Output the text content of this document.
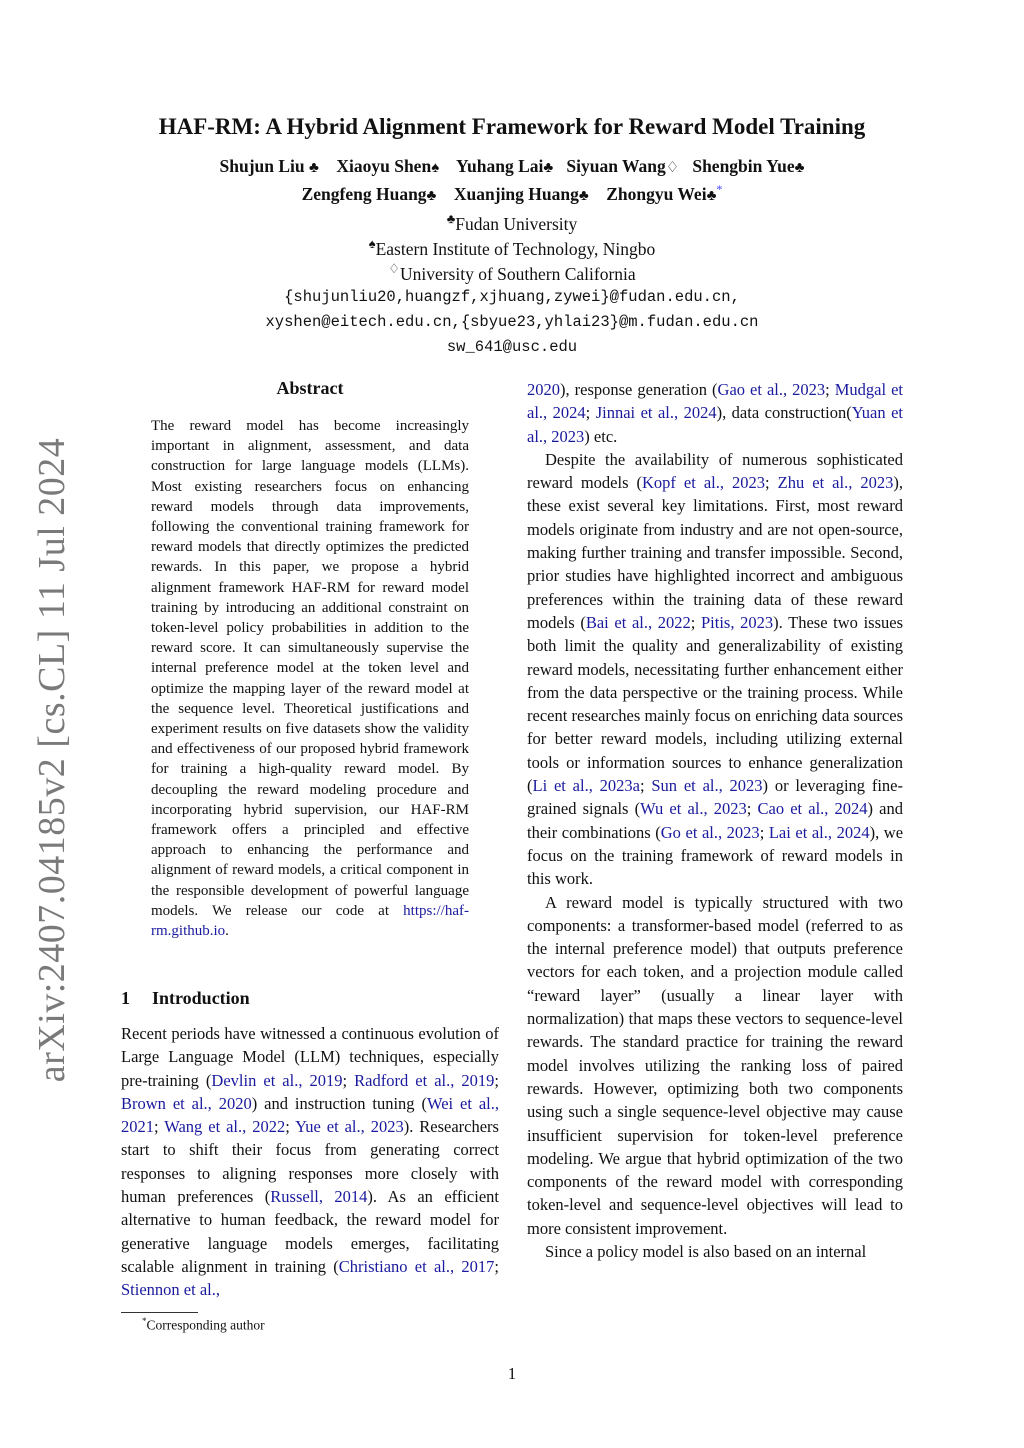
arXiv:2407.04185v2 [cs.CL] 11 Jul 2024
HAF-RM: A Hybrid Alignment Framework for Reward Model Training
Shujun Liu ♣ Xiaoyu Shen♠ Yuhang Lai♣ Siyuan Wang♢ Shengbin Yue♣
Zengfeng Huang♣ Xuanjing Huang♣ Zhongyu Wei♣*
♣Fudan University
♠Eastern Institute of Technology, Ningbo
♢University of Southern California
{shujunliu20,huangzf,xjhuang,zywei}@fudan.edu.cn,
xyshen@eitech.edu.cn,{sbyue23,yhlai23}@m.fudan.edu.cn
sw_641@usc.edu
Abstract
The reward model has become increasingly important in alignment, assessment, and data construction for large language models (LLMs). Most existing researchers focus on enhancing reward models through data improvements, following the conventional training framework for reward models that directly optimizes the predicted rewards. In this paper, we propose a hybrid alignment framework HAF-RM for reward model training by introducing an additional constraint on token-level policy probabilities in addition to the reward score. It can simultaneously supervise the internal preference model at the token level and optimize the mapping layer of the reward model at the sequence level. Theoretical justifications and experiment results on five datasets show the validity and effectiveness of our proposed hybrid framework for training a high-quality reward model. By decoupling the reward modeling procedure and incorporating hybrid supervision, our HAF-RM framework offers a principled and effective approach to enhancing the performance and alignment of reward models, a critical component in the responsible development of powerful language models. We release our code at https://haf-rm.github.io.
1 Introduction
Recent periods have witnessed a continuous evolution of Large Language Model (LLM) techniques, especially pre-training (Devlin et al., 2019; Radford et al., 2019; Brown et al., 2020) and instruction tuning (Wei et al., 2021; Wang et al., 2022; Yue et al., 2023). Researchers start to shift their focus from generating correct responses to aligning responses more closely with human preferences (Russell, 2014). As an efficient alternative to human feedback, the reward model for generative language models emerges, facilitating scalable alignment in training (Christiano et al., 2017; Stiennon et al.,
*Corresponding author

2020), response generation (Gao et al., 2023; Mudgal et al., 2024; Jinnai et al., 2024), data construction(Yuan et al., 2023) etc.

Despite the availability of numerous sophisticated reward models (Kopf et al., 2023; Zhu et al., 2023), these exist several key limitations. First, most reward models originate from industry and are not open-source, making further training and transfer impossible. Second, prior studies have highlighted incorrect and ambiguous preferences within the training data of these reward models (Bai et al., 2022; Pitis, 2023). These two issues both limit the quality and generalizability of existing reward models, necessitating further enhancement either from the data perspective or the training process. While recent researches mainly focus on enriching data sources for better reward models, including utilizing external tools or information sources to enhance generalization (Li et al., 2023a; Sun et al., 2023) or leveraging fine-grained signals (Wu et al., 2023; Cao et al., 2024) and their combinations (Go et al., 2023; Lai et al., 2024), we focus on the training framework of reward models in this work.

A reward model is typically structured with two components: a transformer-based model (referred to as the internal preference model) that outputs preference vectors for each token, and a projection module called “reward layer” (usually a linear layer with normalization) that maps these vectors to sequence-level rewards. The standard practice for training the reward model involves utilizing the ranking loss of paired rewards. However, optimizing both two components using such a single sequence-level objective may cause insufficient supervision for token-level preference modeling. We argue that hybrid optimization of the two components of the reward model with corresponding token-level and sequence-level objectives will lead to more consistent improvement.

Since a policy model is also based on an internal

1
